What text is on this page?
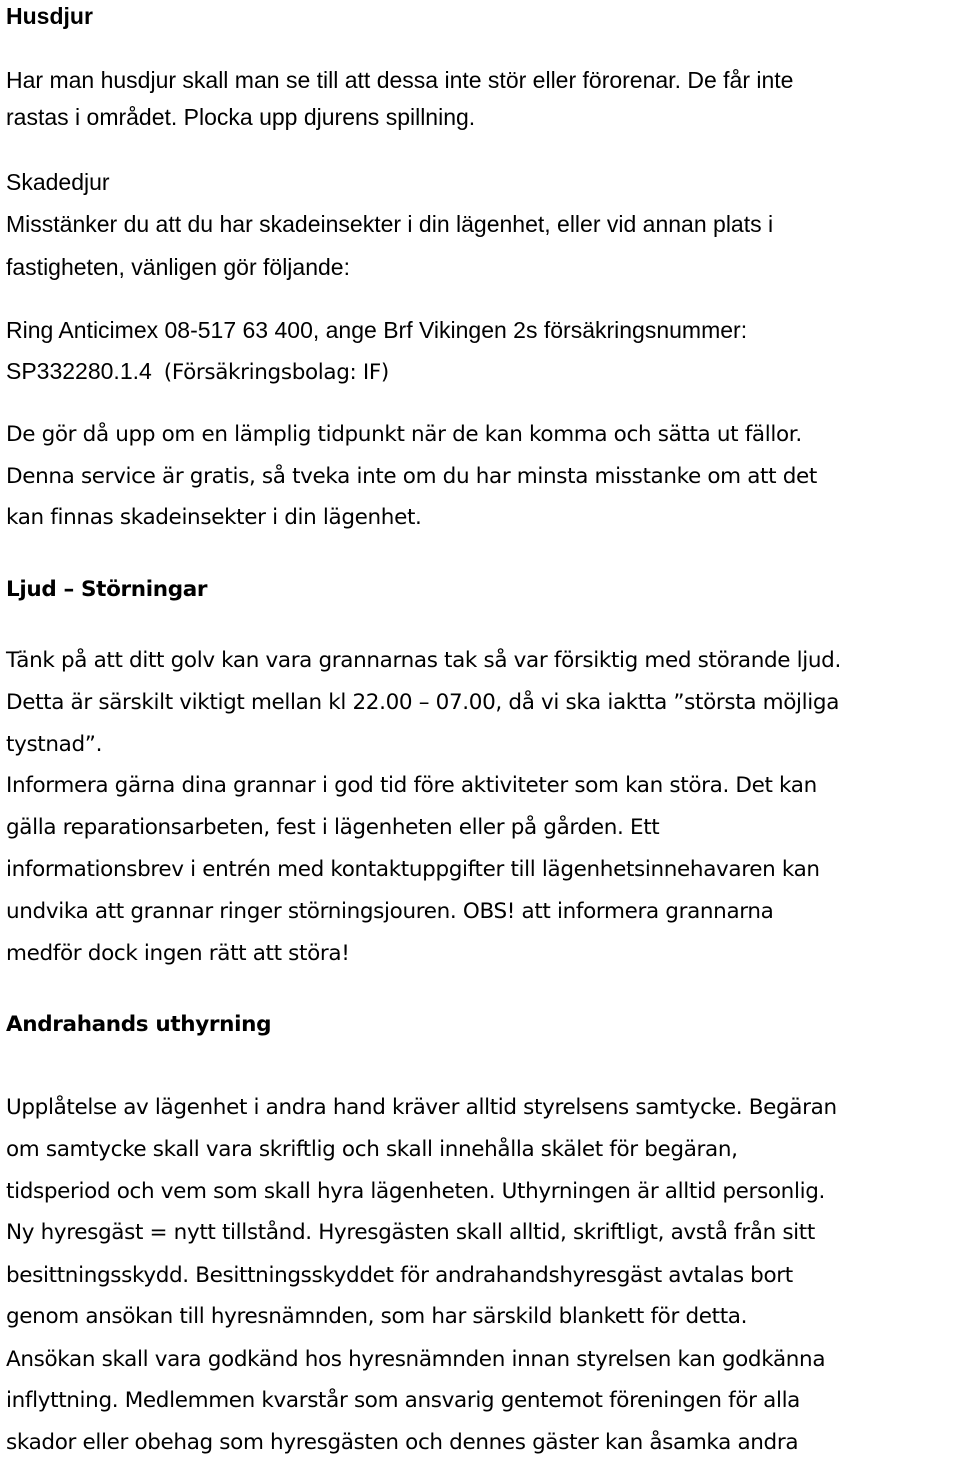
Husdjur
Har man husdjur skall man se till att dessa inte stör eller förorenar. De får inte
rastas i området. Plocka upp djurens spillning.
Skadedjur
Misstänker du att du har skadeinsekter i din lägenhet, eller vid annan plats i
fastigheten, vänligen gör följande:
Ring Anticimex 08-517 63 400, ange Brf Vikingen 2s försäkringsnummer:
SP332280.1.4 (Försäkringsbolag: IF)
De gör då upp om en lämplig tidpunkt när de kan komma och sätta ut fällor.
Denna service är gratis, så tveka inte om du har minsta misstanke om att det
kan finnas skadeinsekter i din lägenhet.
Ljud – Störningar
Tänk på att ditt golv kan vara grannarnas tak så var försiktig med störande ljud.
Detta är särskilt viktigt mellan kl 22.00 – 07.00, då vi ska iaktta ”största möjliga
tystnad”.
Informera gärna dina grannar i god tid före aktiviteter som kan störa. Det kan
gälla reparationsarbeten, fest i lägenheten eller på gården. Ett
informationsbrev i entrén med kontaktuppgifter till lägenhetsinnehavaren kan
undvika att grannar ringer störningsjouren. OBS! att informera grannarna
medför dock ingen rätt att störa!
Andrahands uthyrning
Upplåtelse av lägenhet i andra hand kräver alltid styrelsens samtycke. Begäran
om samtycke skall vara skriftlig och skall innehålla skälet för begäran,
tidsperiod och vem som skall hyra lägenheten. Uthyrningen är alltid personlig.
Ny hyresgäst = nytt tillstånd. Hyresgästen skall alltid, skriftligt, avstå från sitt
besittningsskydd. Besittningsskyddet för andrahandshyresgäst avtalas bort
genom ansökan till hyresnämnden, som har särskild blankett för detta.
Ansökan skall vara godkänd hos hyresnämnden innan styrelsen kan godkänna
inflyttning. Medlemmen kvarstår som ansvarig gentemot föreningen för alla
skador eller obehag som hyresgästen och dennes gäster kan åsamka andra
